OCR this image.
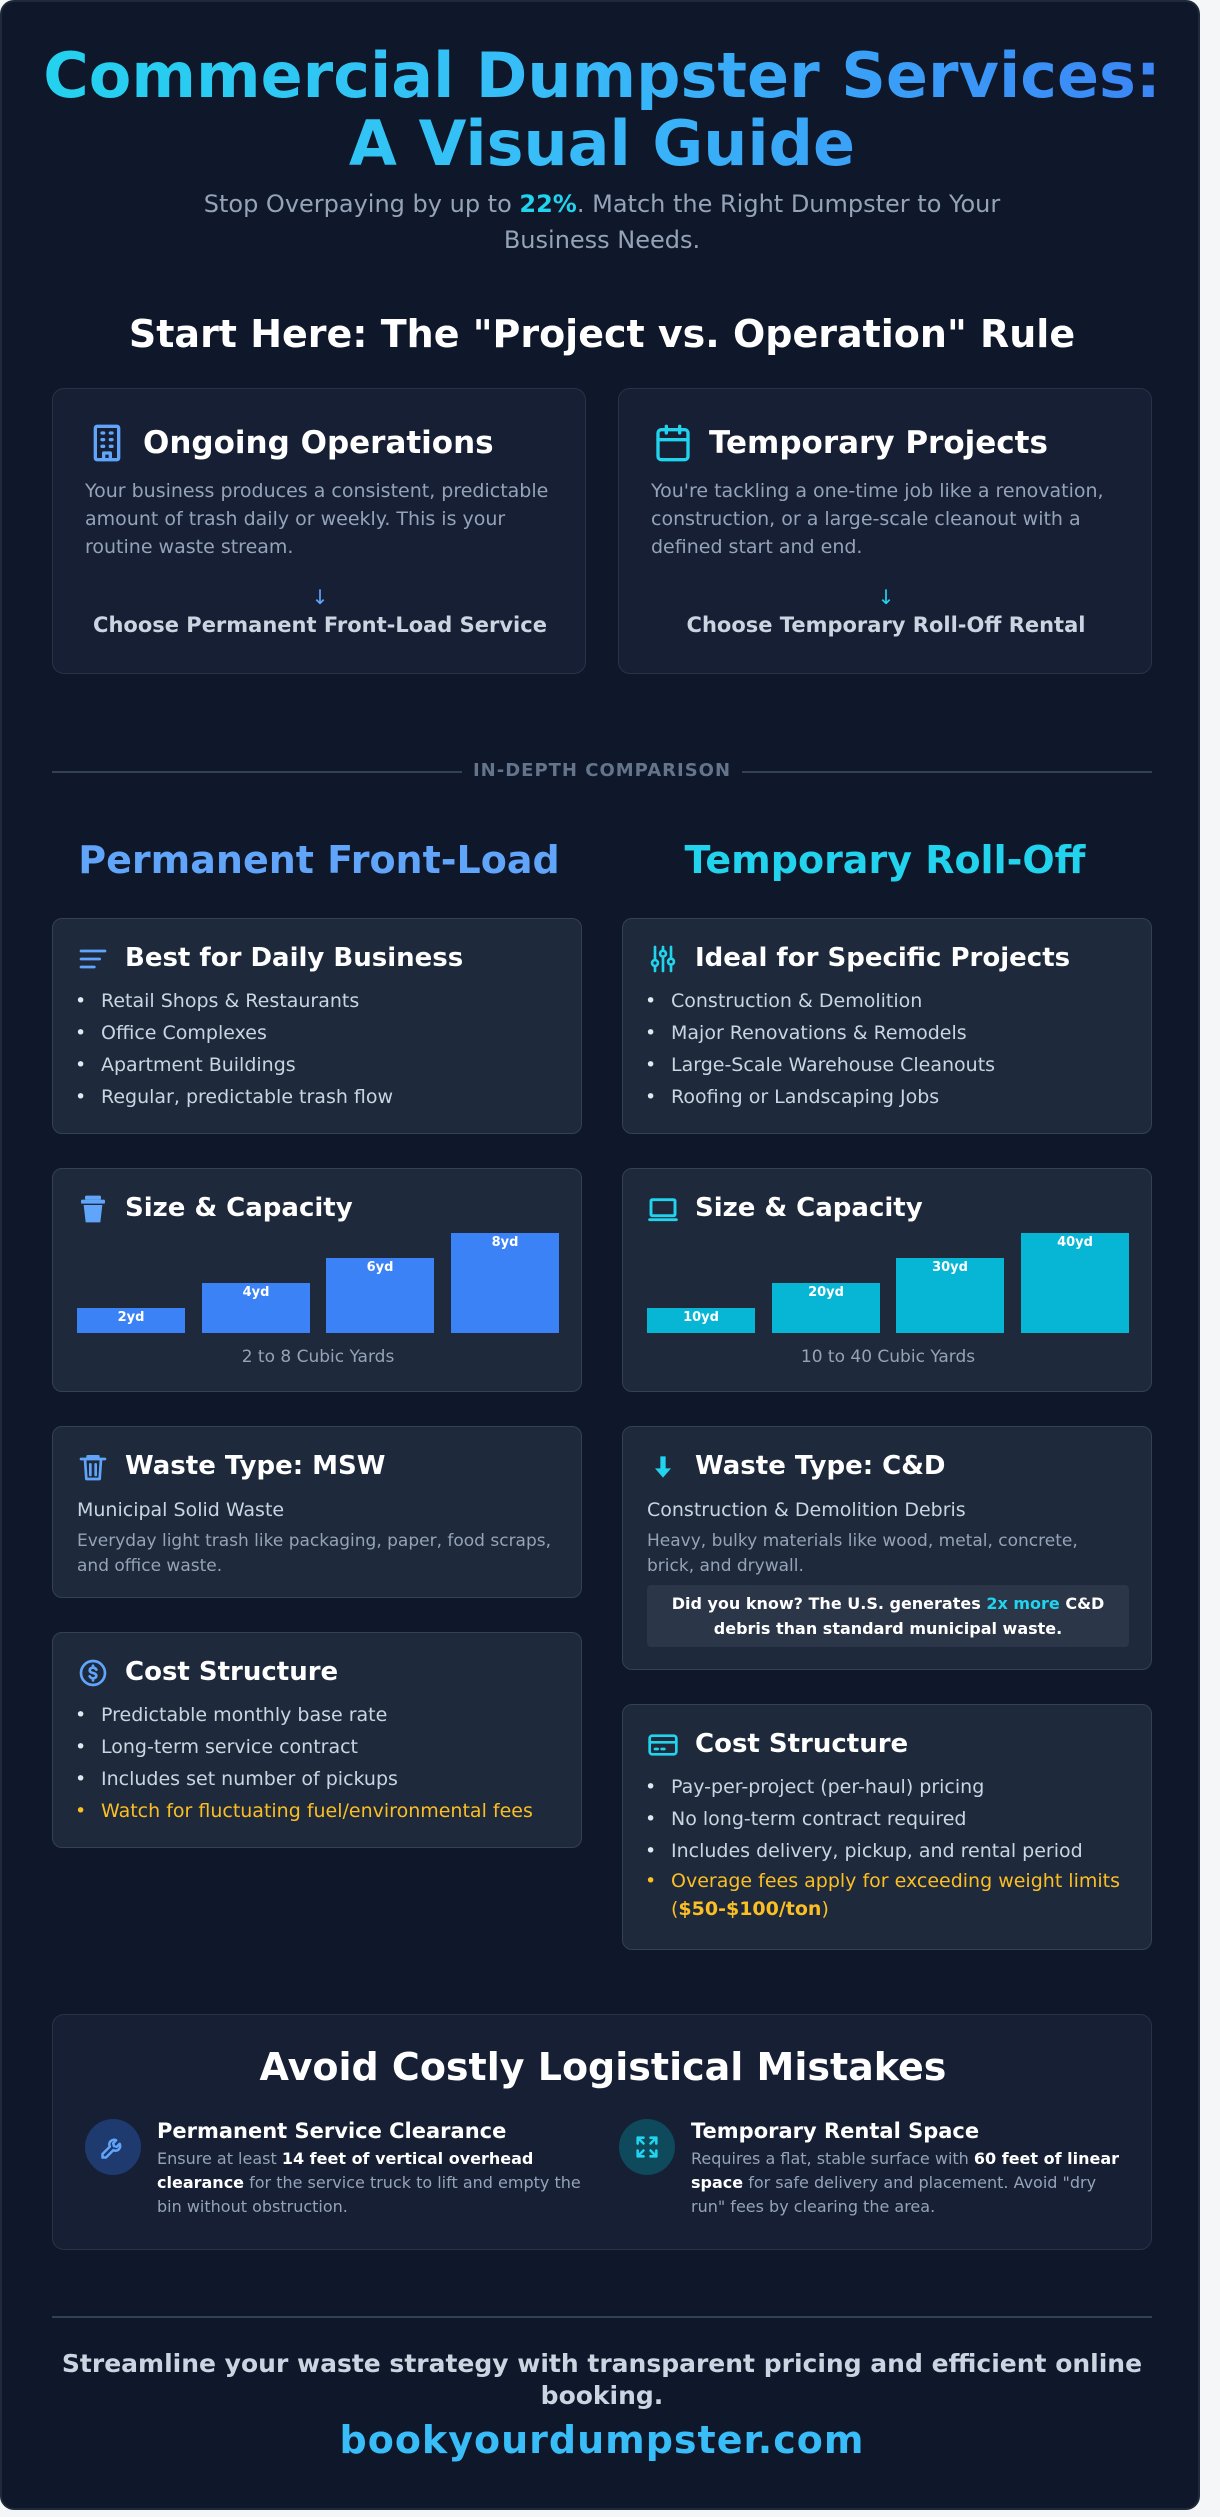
Commercial Dumpster Services:
A Visual Guide
Stop Overpaying by up to 22%. Match the Right Dumpster to Your Business Needs.
Start Here: The "Project vs. Operation" Rule
Ongoing Operations
Your business produces a consistent, predictable amount of trash daily or weekly. This is your routine waste stream.
↓
Choose Permanent Front-Load Service
Temporary Projects
You're tackling a one-time job like a renovation, construction, or a large-scale cleanout with a defined start and end.
↓
Choose Temporary Roll-Off Rental
IN-DEPTH COMPARISON
Permanent Front-Load	Temporary Roll-Off
Best for Daily Business
• Retail Shops & Restaurants
• Office Complexes
• Apartment Buildings
• Regular, predictable trash flow
Ideal for Specific Projects
• Construction & Demolition
• Major Renovations & Remodels
• Large-Scale Warehouse Cleanouts
• Roofing or Landscaping Jobs
Size & Capacity
2yd
4yd
6yd
8yd
2 to 8 Cubic Yards
Size & Capacity
10yd
20yd
30yd
40yd
10 to 40 Cubic Yards
Waste Type: MSW
Municipal Solid Waste
Everyday light trash like packaging, paper, food scraps, and office waste.
Waste Type: C&D
Construction & Demolition Debris
Heavy, bulky materials like wood, metal, concrete, brick, and drywall.
Did you know? The U.S. generates 2x more C&D debris than standard municipal waste.
Cost Structure
• Predictable monthly base rate
• Long-term service contract
• Includes set number of pickups
• Watch for fluctuating fuel/environmental fees
Cost Structure
• Pay-per-project (per-haul) pricing
• No long-term contract required
• Includes delivery, pickup, and rental period
• Overage fees apply for exceeding weight limits ($50-$100/ton)
Avoid Costly Logistical Mistakes
Permanent Service Clearance
Ensure at least 14 feet of vertical overhead clearance for the service truck to lift and empty the bin without obstruction.
Temporary Rental Space
Requires a flat, stable surface with 60 feet of linear space for safe delivery and placement. Avoid "dry run" fees by clearing the area.
Streamline your waste strategy with transparent pricing and efficient online booking.
bookyourdumpster.com
